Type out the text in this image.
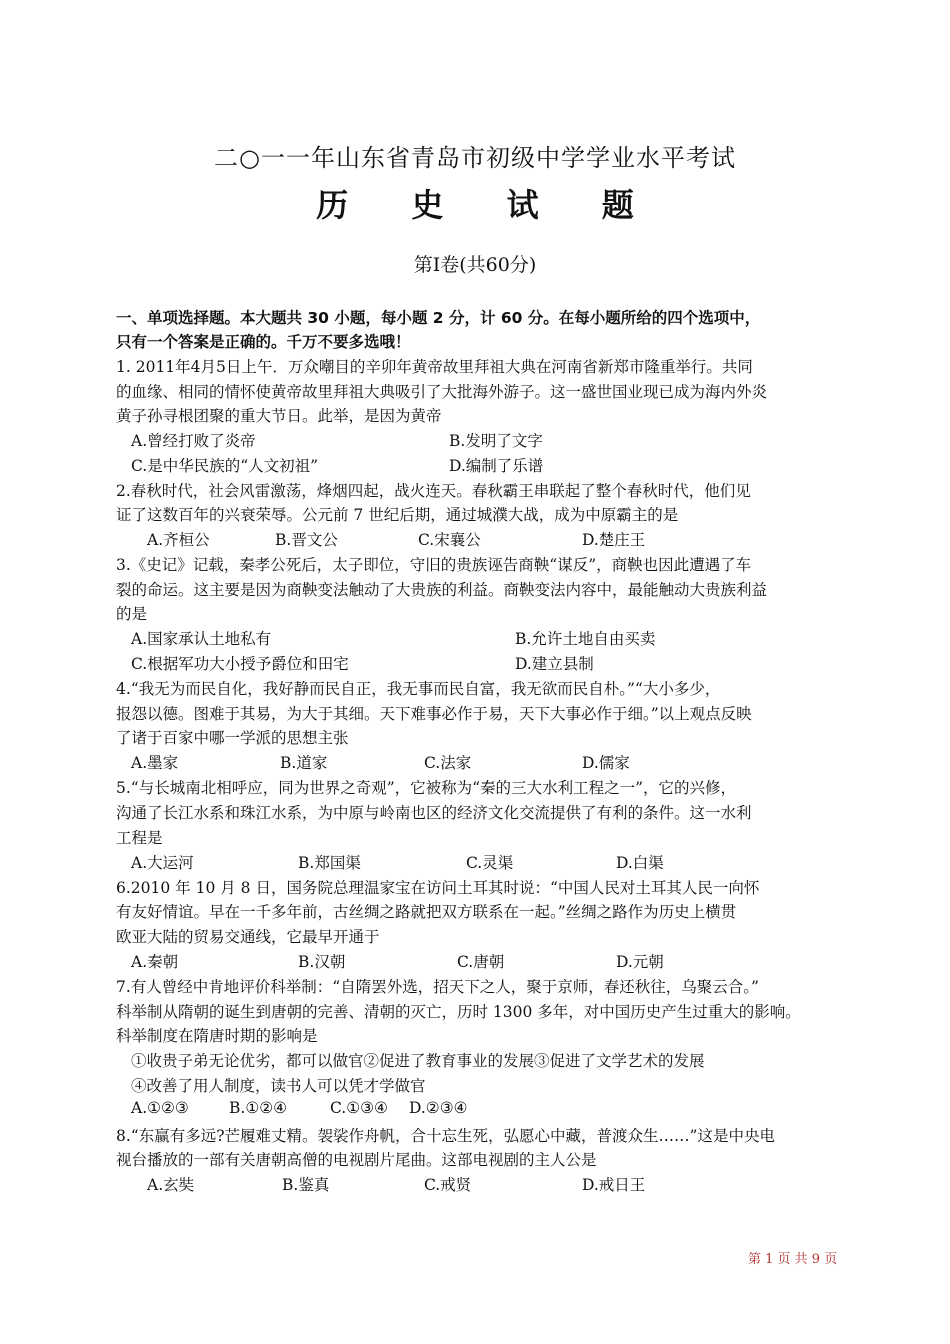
二○一一年山东省青岛市初级中学学业水平考试
历 史 试 题
第Ⅰ卷(共60分)
一、单项选择题。本大题共 30 小题，每小题 2 分，计 60 分。在每小题所给的四个选项中，
只有一个答案是正确的。千万不要多选哦！
1. 2011年4月5日上午．万众嘲目的辛卯年黄帝故里拜祖大典在河南省新郑市隆重举行。共同
的血缘、相同的情怀使黄帝故里拜祖大典吸引了大批海外游子。这一盛世国业现已成为海内外炎
黄子孙寻根团聚的重大节日。此举，是因为黄帝
A.曾经打败了炎帝	B.发明了文字
C.是中华民族的“人文初祖”	D.编制了乐谱
2.春秋时代，社会风雷激荡，烽烟四起，战火连天。春秋霸王串联起了整个春秋时代，他们见
证了这数百年的兴衰荣辱。公元前 7 世纪后期，通过城濮大战，成为中原霸主的是
A.齐桓公	B.晋文公	C.宋襄公	D.楚庄王
3.《史记》记载，秦孝公死后，太子即位，守旧的贵族诬告商鞅“谋反”，商鞅也因此遭遇了车
裂的命运。这主要是因为商鞅变法触动了大贵族的利益。商鞅变法内容中，最能触动大贵族利益
的是
A.国家承认土地私有	B.允许土地自由买卖
C.根据军功大小授予爵位和田宅	D.建立县制
4.“我无为而民自化，我好静而民自正，我无事而民自富，我无欲而民自朴。”“大小多少，
报怨以德。图难于其易，为大于其细。天下难事必作于易，天下大事必作于细。”以上观点反映
了诸于百家中哪一学派的思想主张
A.墨家	B.道家	C.法家	D.儒家
5.“与长城南北相呼应，同为世界之奇观”，它被称为“秦的三大水利工程之一”，它的兴修，
沟通了长江水系和珠江水系，为中原与岭南也区的经济文化交流提供了有利的条件。这一水利
工程是
A.大运河	B.郑国渠	C.灵渠	D.白渠
6.2010 年 10 月 8 日，国务院总理温家宝在访问土耳其时说：“中国人民对土耳其人民一向怀
有友好情谊。早在一千多年前，古丝绸之路就把双方联系在一起。”丝绸之路作为历史上横贯
欧亚大陆的贸易交通线，它最早开通于
A.秦朝	B.汉朝	C.唐朝	D.元朝
7.有人曾经中肯地评价科举制：“自隋罢外选，招天下之人，聚于京师，春还秋往，乌聚云合。”
科举制从隋朝的诞生到唐朝的完善、清朝的灭亡，历时 1300 多年，对中国历史产生过重大的影响。
科举制度在隋唐时期的影响是
①收贵子弟无论优劣，都可以做官②促进了教育事业的发展③促进了文学艺术的发展
④改善了用人制度，读书人可以凭才学做官
A.①②③	B.①②④	C.①③④ D.②③④
8.“东赢有多远?芒履难丈精。袈裟作舟帆，合十忘生死，弘愿心中藏，普渡众生……”这是中央电
视台播放的一部有关唐朝高僧的电视剧片尾曲。这部电视剧的主人公是
A.玄奘	B.鉴真	C.戒贤	D.戒日王
第 1 页 共 9 页
